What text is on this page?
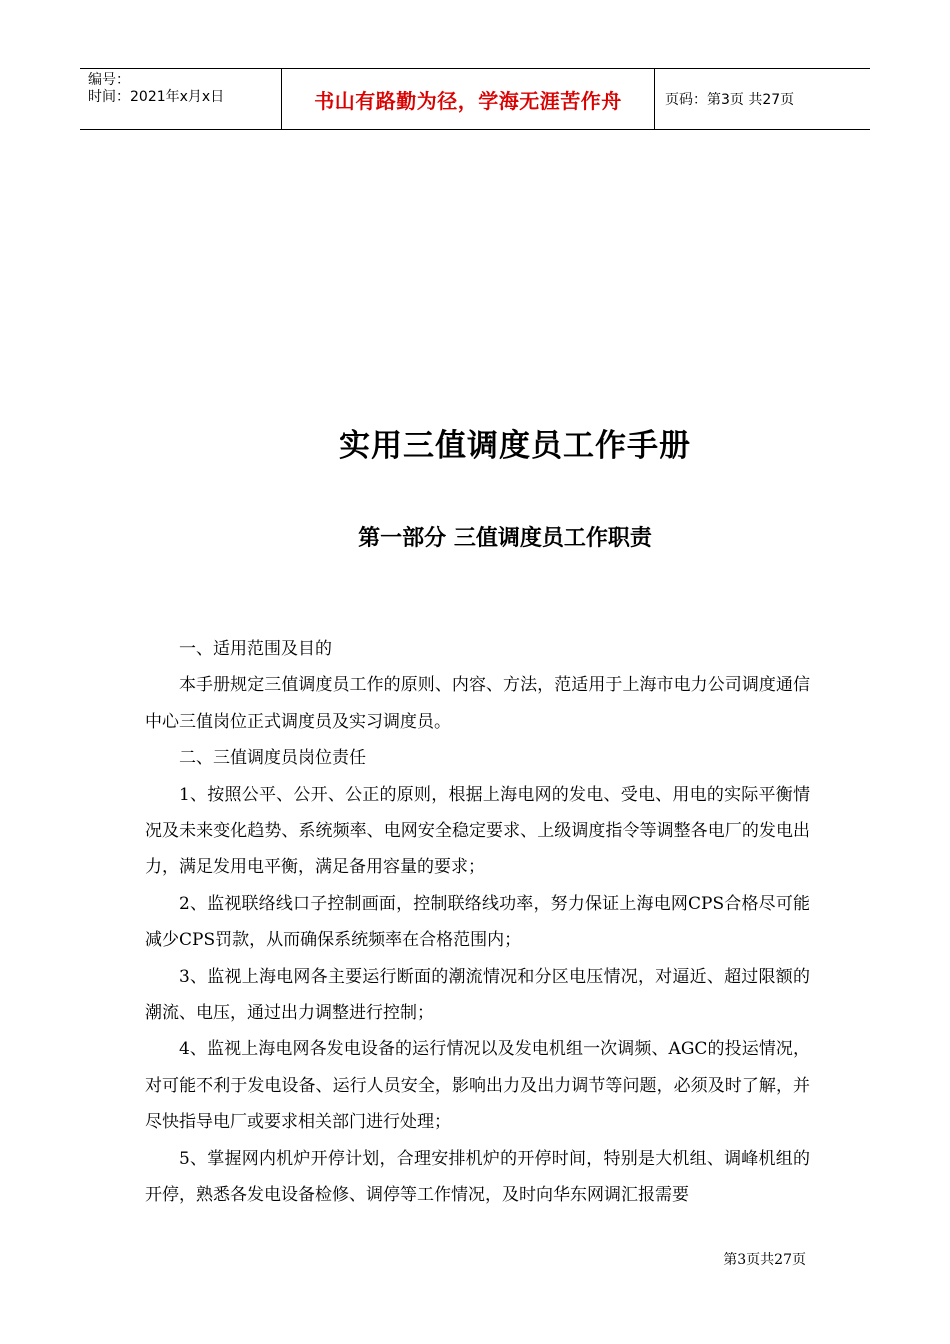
编号：
时间：2021年x月x日	书山有路勤为径，学海无涯苦作舟	页码：第3页 共27页
实用三值调度员工作手册
第一部分 三值调度员工作职责

一、适用范围及目的

本手册规定三值调度员工作的原则、内容、方法，范适用于上海市电力公司调度通信中心三值岗位正式调度员及实习调度员。

二、三值调度员岗位责任

1、按照公平、公开、公正的原则，根据上海电网的发电、受电、用电的实际平衡情况及未来变化趋势、系统频率、电网安全稳定要求、上级调度指令等调整各电厂的发电出力，满足发用电平衡，满足备用容量的要求；

2、监视联络线口子控制画面，控制联络线功率，努力保证上海电网CPS合格尽可能减少CPS罚款，从而确保系统频率在合格范围内；

3、监视上海电网各主要运行断面的潮流情况和分区电压情况，对逼近、超过限额的潮流、电压，通过出力调整进行控制；

4、监视上海电网各发电设备的运行情况以及发电机组一次调频、AGC的投运情况，对可能不利于发电设备、运行人员安全，影响出力及出力调节等问题，必须及时了解，并尽快指导电厂或要求相关部门进行处理；

5、掌握网内机炉开停计划，合理安排机炉的开停时间，特别是大机组、调峰机组的开停，熟悉各发电设备检修、调停等工作情况，及时向华东网调汇报需要

第3页共27页
